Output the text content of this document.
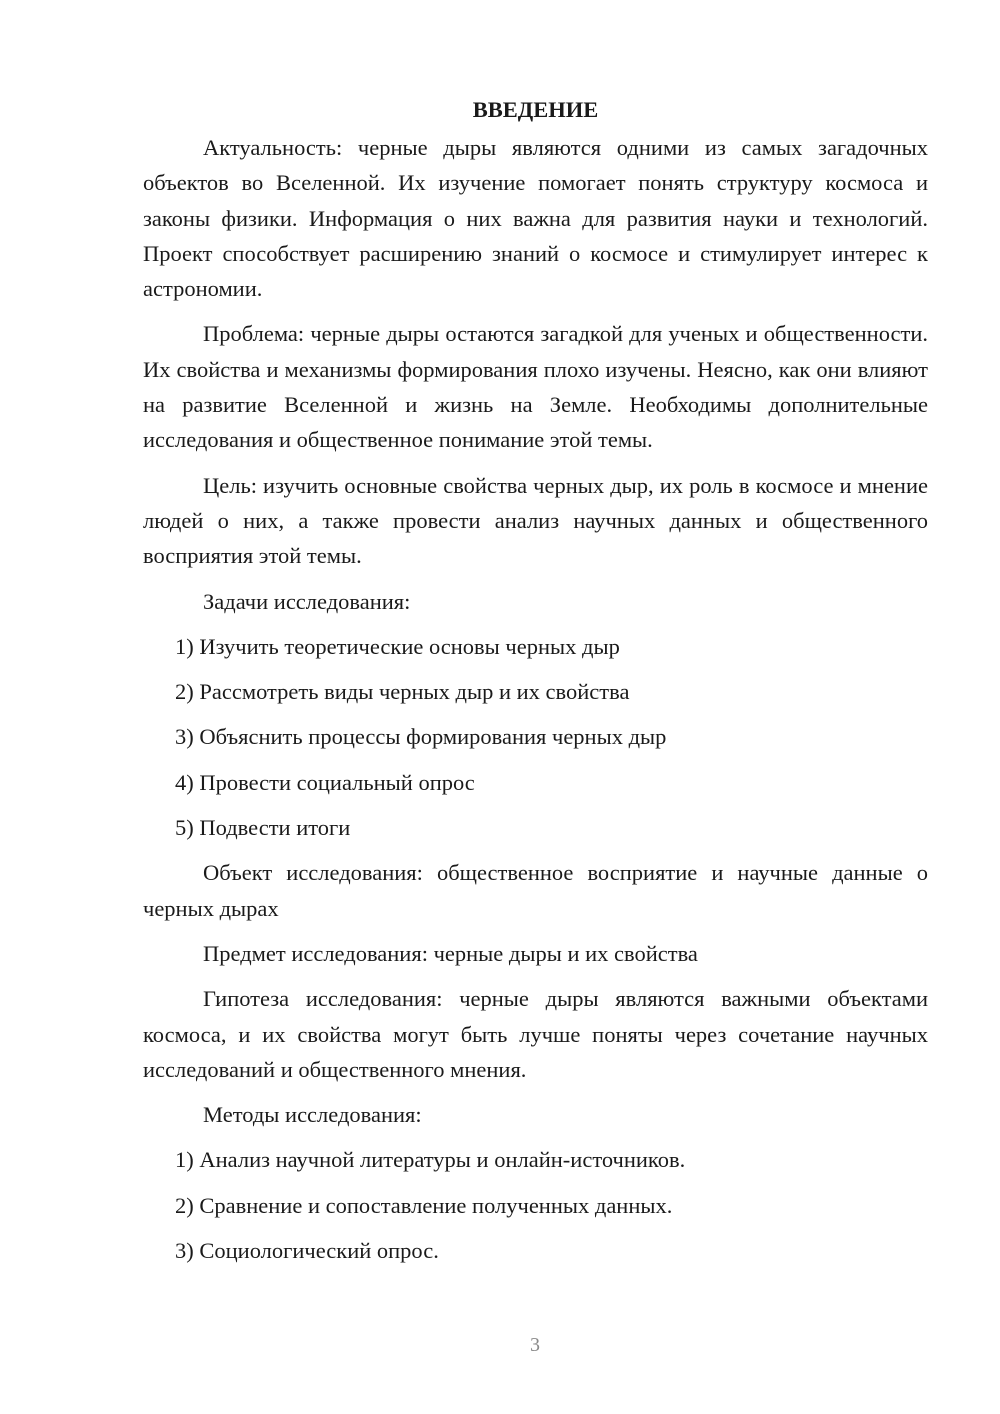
ВВЕДЕНИЕ

Актуальность: черные дыры являются одними из самых загадочных объектов во Вселенной. Их изучение помогает понять структуру космоса и законы физики. Информация о них важна для развития науки и технологий. Проект способствует расширению знаний о космосе и стимулирует интерес к астрономии.

Проблема: черные дыры остаются загадкой для ученых и общественности. Их свойства и механизмы формирования плохо изучены. Неясно, как они влияют на развитие Вселенной и жизнь на Земле. Необходимы дополнительные исследования и общественное понимание этой темы.

Цель: изучить основные свойства черных дыр, их роль в космосе и мнение людей о них, а также провести анализ научных данных и общественного восприятия этой темы.

Задачи исследования:

1) Изучить теоретические основы черных дыр

2) Рассмотреть виды черных дыр и их свойства

3) Объяснить процессы формирования черных дыр

4) Провести социальный опрос

5) Подвести итоги

Объект исследования: общественное восприятие и научные данные о черных дырах

Предмет исследования: черные дыры и их свойства

Гипотеза исследования: черные дыры являются важными объектами космоса, и их свойства могут быть лучше поняты через сочетание научных исследований и общественного мнения.

Методы исследования:

1) Анализ научной литературы и онлайн-источников.

2) Сравнение и сопоставление полученных данных.

3) Социологический опрос.

3
